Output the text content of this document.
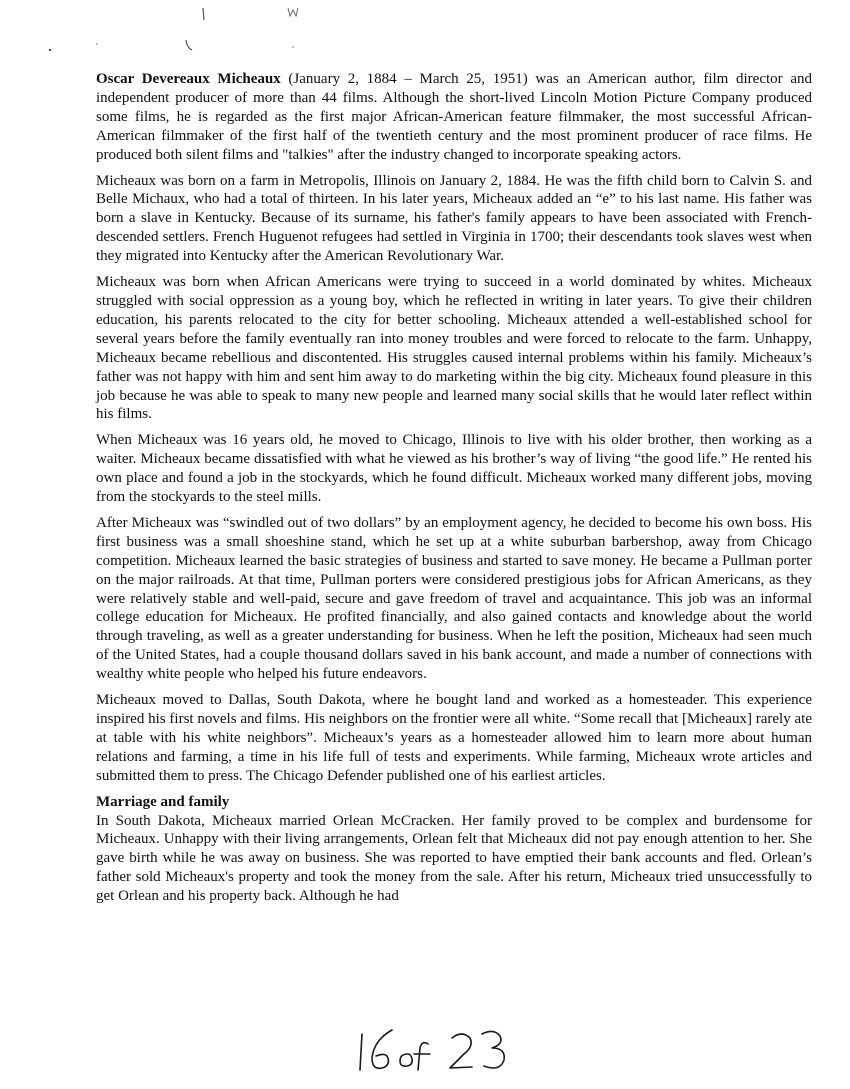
Oscar Devereaux Micheaux (January 2, 1884 – March 25, 1951) was an American author, film director and independent producer of more than 44 films. Although the short-lived Lincoln Motion Picture Company produced some films, he is regarded as the first major African-American feature filmmaker, the most successful African-American filmmaker of the first half of the twentieth century and the most prominent producer of race films. He produced both silent films and "talkies" after the industry changed to incorporate speaking actors.

Micheaux was born on a farm in Metropolis, Illinois on January 2, 1884. He was the fifth child born to Calvin S. and Belle Michaux, who had a total of thirteen. In his later years, Micheaux added an “e” to his last name. His father was born a slave in Kentucky. Because of its surname, his father's family appears to have been associated with French-descended settlers. French Huguenot refugees had settled in Virginia in 1700; their descendants took slaves west when they migrated into Kentucky after the American Revolutionary War.

Micheaux was born when African Americans were trying to succeed in a world dominated by whites. Micheaux struggled with social oppression as a young boy, which he reflected in writing in later years. To give their children education, his parents relocated to the city for better schooling. Micheaux attended a well-established school for several years before the family eventually ran into money troubles and were forced to relocate to the farm. Unhappy, Micheaux became rebellious and discontented. His struggles caused internal problems within his family. Micheaux’s father was not happy with him and sent him away to do marketing within the big city. Micheaux found pleasure in this job because he was able to speak to many new people and learned many social skills that he would later reflect within his films.

When Micheaux was 16 years old, he moved to Chicago, Illinois to live with his older brother, then working as a waiter. Micheaux became dissatisfied with what he viewed as his brother’s way of living “the good life.” He rented his own place and found a job in the stockyards, which he found difficult. Micheaux worked many different jobs, moving from the stockyards to the steel mills.

After Micheaux was “swindled out of two dollars” by an employment agency, he decided to become his own boss. His first business was a small shoeshine stand, which he set up at a white suburban barbershop, away from Chicago competition. Micheaux learned the basic strategies of business and started to save money. He became a Pullman porter on the major railroads. At that time, Pullman porters were considered prestigious jobs for African Americans, as they were relatively stable and well-paid, secure and gave freedom of travel and acquaintance. This job was an informal college education for Micheaux. He profited financially, and also gained contacts and knowledge about the world through traveling, as well as a greater understanding for business. When he left the position, Micheaux had seen much of the United States, had a couple thousand dollars saved in his bank account, and made a number of connections with wealthy white people who helped his future endeavors.

Micheaux moved to Dallas, South Dakota, where he bought land and worked as a homesteader. This experience inspired his first novels and films. His neighbors on the frontier were all white. “Some recall that [Micheaux] rarely ate at table with his white neighbors”. Micheaux’s years as a homesteader allowed him to learn more about human relations and farming, a time in his life full of tests and experiments. While farming, Micheaux wrote articles and submitted them to press. The Chicago Defender published one of his earliest articles.

Marriage and family

In South Dakota, Micheaux married Orlean McCracken. Her family proved to be complex and burdensome for Micheaux. Unhappy with their living arrangements, Orlean felt that Micheaux did not pay enough attention to her. She gave birth while he was away on business. She was reported to have emptied their bank accounts and fled. Orlean’s father sold Micheaux's property and took the money from the sale. After his return, Micheaux tried unsuccessfully to get Orlean and his property back. Although he had
